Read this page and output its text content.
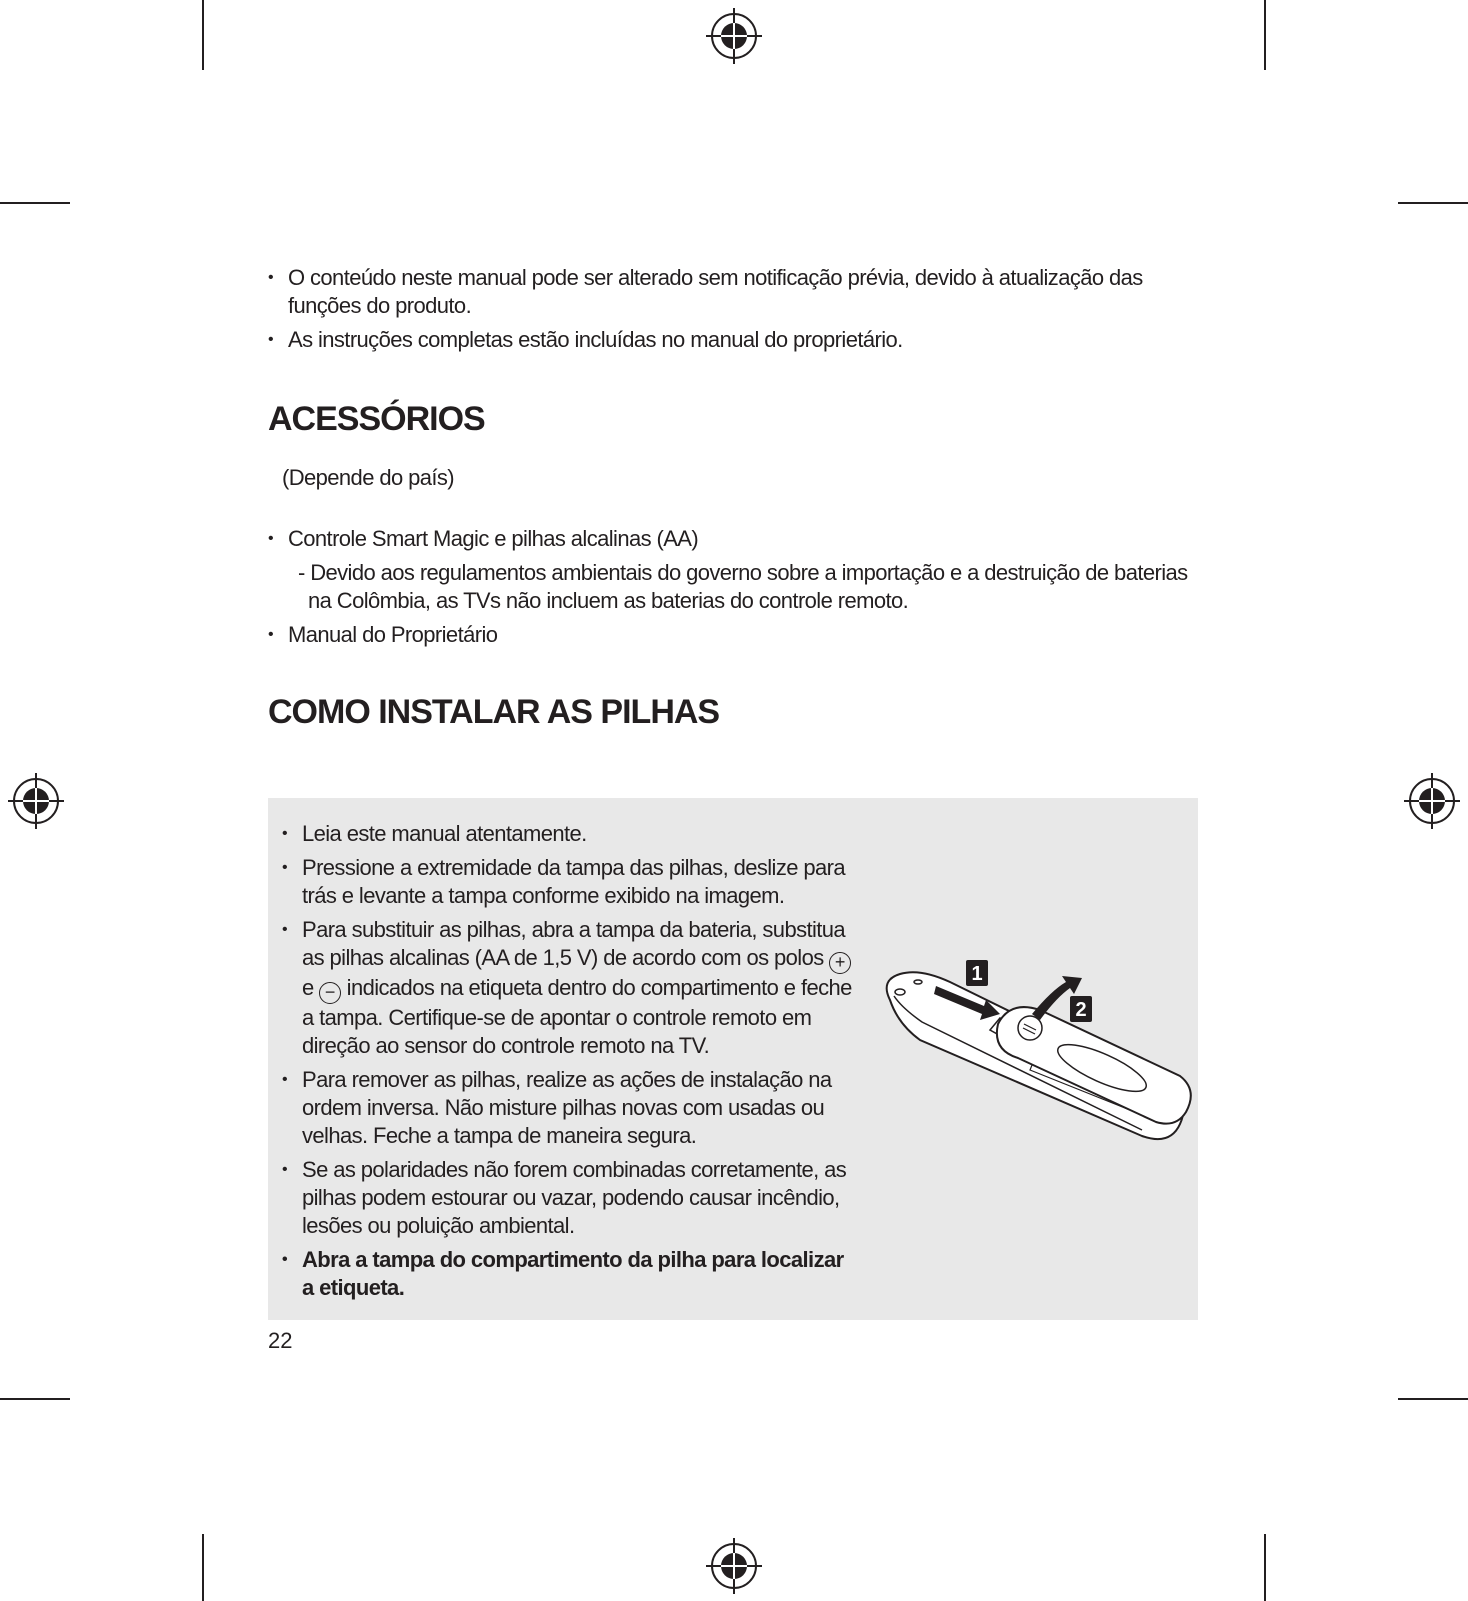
• O conteúdo neste manual pode ser alterado sem notificação prévia, devido à atualização das funções do produto.
• As instruções completas estão incluídas no manual do proprietário.
ACESSÓRIOS
(Depende do país)
• Controle Smart Magic e pilhas alcalinas (AA)
- Devido aos regulamentos ambientais do governo sobre a importação e a destruição de baterias na Colômbia, as TVs não incluem as baterias do controle remoto.
• Manual do Proprietário
COMO INSTALAR AS PILHAS
• Leia este manual atentamente.
• Pressione a extremidade da tampa das pilhas, deslize para trás e levante a tampa conforme exibido na imagem.
• Para substituir as pilhas, abra a tampa da bateria, substitua as pilhas alcalinas (AA de 1,5 V) de acordo com os polos + e − indicados na etiqueta dentro do compartimento e feche a tampa. Certifique-se de apontar o controle remoto em direção ao sensor do controle remoto na TV.
• Para remover as pilhas, realize as ações de instalação na ordem inversa. Não misture pilhas novas com usadas ou velhas. Feche a tampa de maneira segura.
• Se as polaridades não forem combinadas corretamente, as pilhas podem estourar ou vazar, podendo causar incêndio, lesões ou poluição ambiental.
• Abra a tampa do compartimento da pilha para localizar a etiqueta.
1
2
22
